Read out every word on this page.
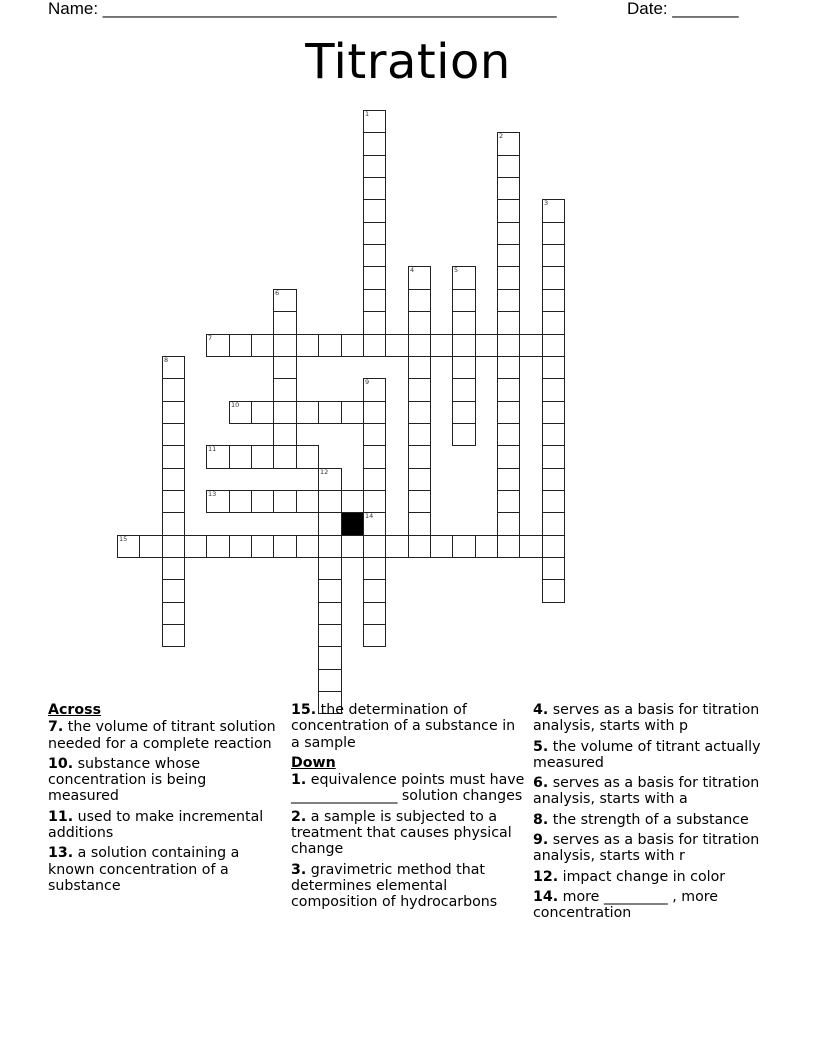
Name: ________________________________________________	Date: _______
Titration
1
2
3
4	5
6
7
8
9
10
11
12
13
14
15
Across
7. the volume of titrant solution needed for a complete reaction
10. substance whose concentration is being measured
11. used to make incremental additions
13. a solution containing a known concentration of a substance
15. the determination of concentration of a substance in a sample
Down
1. equivalence points must have _______________ solution changes
2. a sample is subjected to a treatment that causes physical change
3. gravimetric method that determines elemental composition of hydrocarbons
4. serves as a basis for titration analysis, starts with p
5. the volume of titrant actually measured
6. serves as a basis for titration analysis, starts with a
8. the strength of a substance
9. serves as a basis for titration analysis, starts with r
12. impact change in color
14. more _________ , more concentration
